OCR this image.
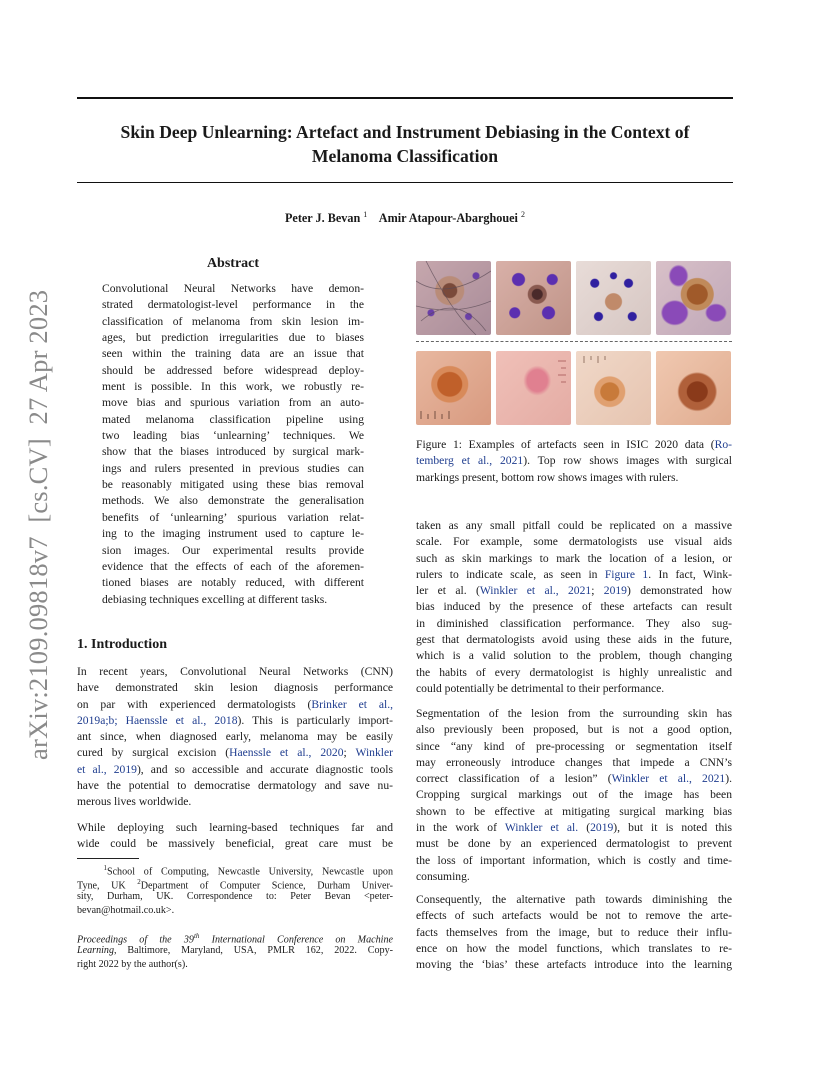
Skin Deep Unlearning: Artefact and Instrument Debiasing in the Context of
Melanoma Classification
Peter J. Bevan $^1$ Amir Atapour-Abarghouei $^2$
arXiv:2109.09818v7  [cs.CV]  27 Apr 2023
Abstract
Convolutional Neural Networks have demon-
strated dermatologist-level performance in the
classification of melanoma from skin lesion im-
ages, but prediction irregularities due to biases
seen within the training data are an issue that
should be addressed before widespread deploy-
ment is possible. In this work, we robustly re-
move bias and spurious variation from an auto-
mated melanoma classification pipeline using
two leading bias ‘unlearning’ techniques. We
show that the biases introduced by surgical mark-
ings and rulers presented in previous studies can
be reasonably mitigated using these bias removal
methods. We also demonstrate the generalisation
benefits of ‘unlearning’ spurious variation relat-
ing to the imaging instrument used to capture le-
sion images. Our experimental results provide
evidence that the effects of each of the aforemen-
tioned biases are notably reduced, with different
debiasing techniques excelling at different tasks.
1. Introduction
In recent years, Convolutional Neural Networks (CNN)
have demonstrated skin lesion diagnosis performance
on par with experienced dermatologists (Brinker et al.,
2019a;b; Haenssle et al., 2018). This is particularly import-
ant since, when diagnosed early, melanoma may be easily
cured by surgical excision (Haenssle et al., 2020; Winkler
et al., 2019), and so accessible and accurate diagnostic tools
have the potential to democratise dermatology and save nu-
merous lives worldwide.
While deploying such learning-based techniques far and
wide could be massively beneficial, great care must be
$^1$School of Computing, Newcastle University, Newcastle upon
Tyne, UK $^2$Department of Computer Science, Durham Univer-
sity, Durham, UK. Correspondence to: Peter Bevan <peter-
bevan@hotmail.co.uk>.
Proceedings of the 39th International Conference on Machine
Learning, Baltimore, Maryland, USA, PMLR 162, 2022. Copy-
right 2022 by the author(s).
Figure 1: Examples of artefacts seen in ISIC 2020 data (Ro-
temberg et al., 2021). Top row shows images with surgical
markings present, bottom row shows images with rulers.
taken as any small pitfall could be replicated on a massive
scale. For example, some dermatologists use visual aids
such as skin markings to mark the location of a lesion, or
rulers to indicate scale, as seen in Figure 1. In fact, Wink-
ler et al. (Winkler et al., 2021; 2019) demonstrated how
bias induced by the presence of these artefacts can result
in diminished classification performance. They also sug-
gest that dermatologists avoid using these aids in the future,
which is a valid solution to the problem, though changing
the habits of every dermatologist is highly unrealistic and
could potentially be detrimental to their performance.
Segmentation of the lesion from the surrounding skin has
also previously been proposed, but is not a good option,
since “any kind of pre-processing or segmentation itself
may erroneously introduce changes that impede a CNN’s
correct classification of a lesion” (Winkler et al., 2021).
Cropping surgical markings out of the image has been
shown to be effective at mitigating surgical marking bias
in the work of Winkler et al. (2019), but it is noted this
must be done by an experienced dermatologist to prevent
the loss of important information, which is costly and time-
consuming.
Consequently, the alternative path towards diminishing the
effects of such artefacts would be not to remove the arte-
facts themselves from the image, but to reduce their influ-
ence on how the model functions, which translates to re-
moving the ‘bias’ these artefacts introduce into the learning
